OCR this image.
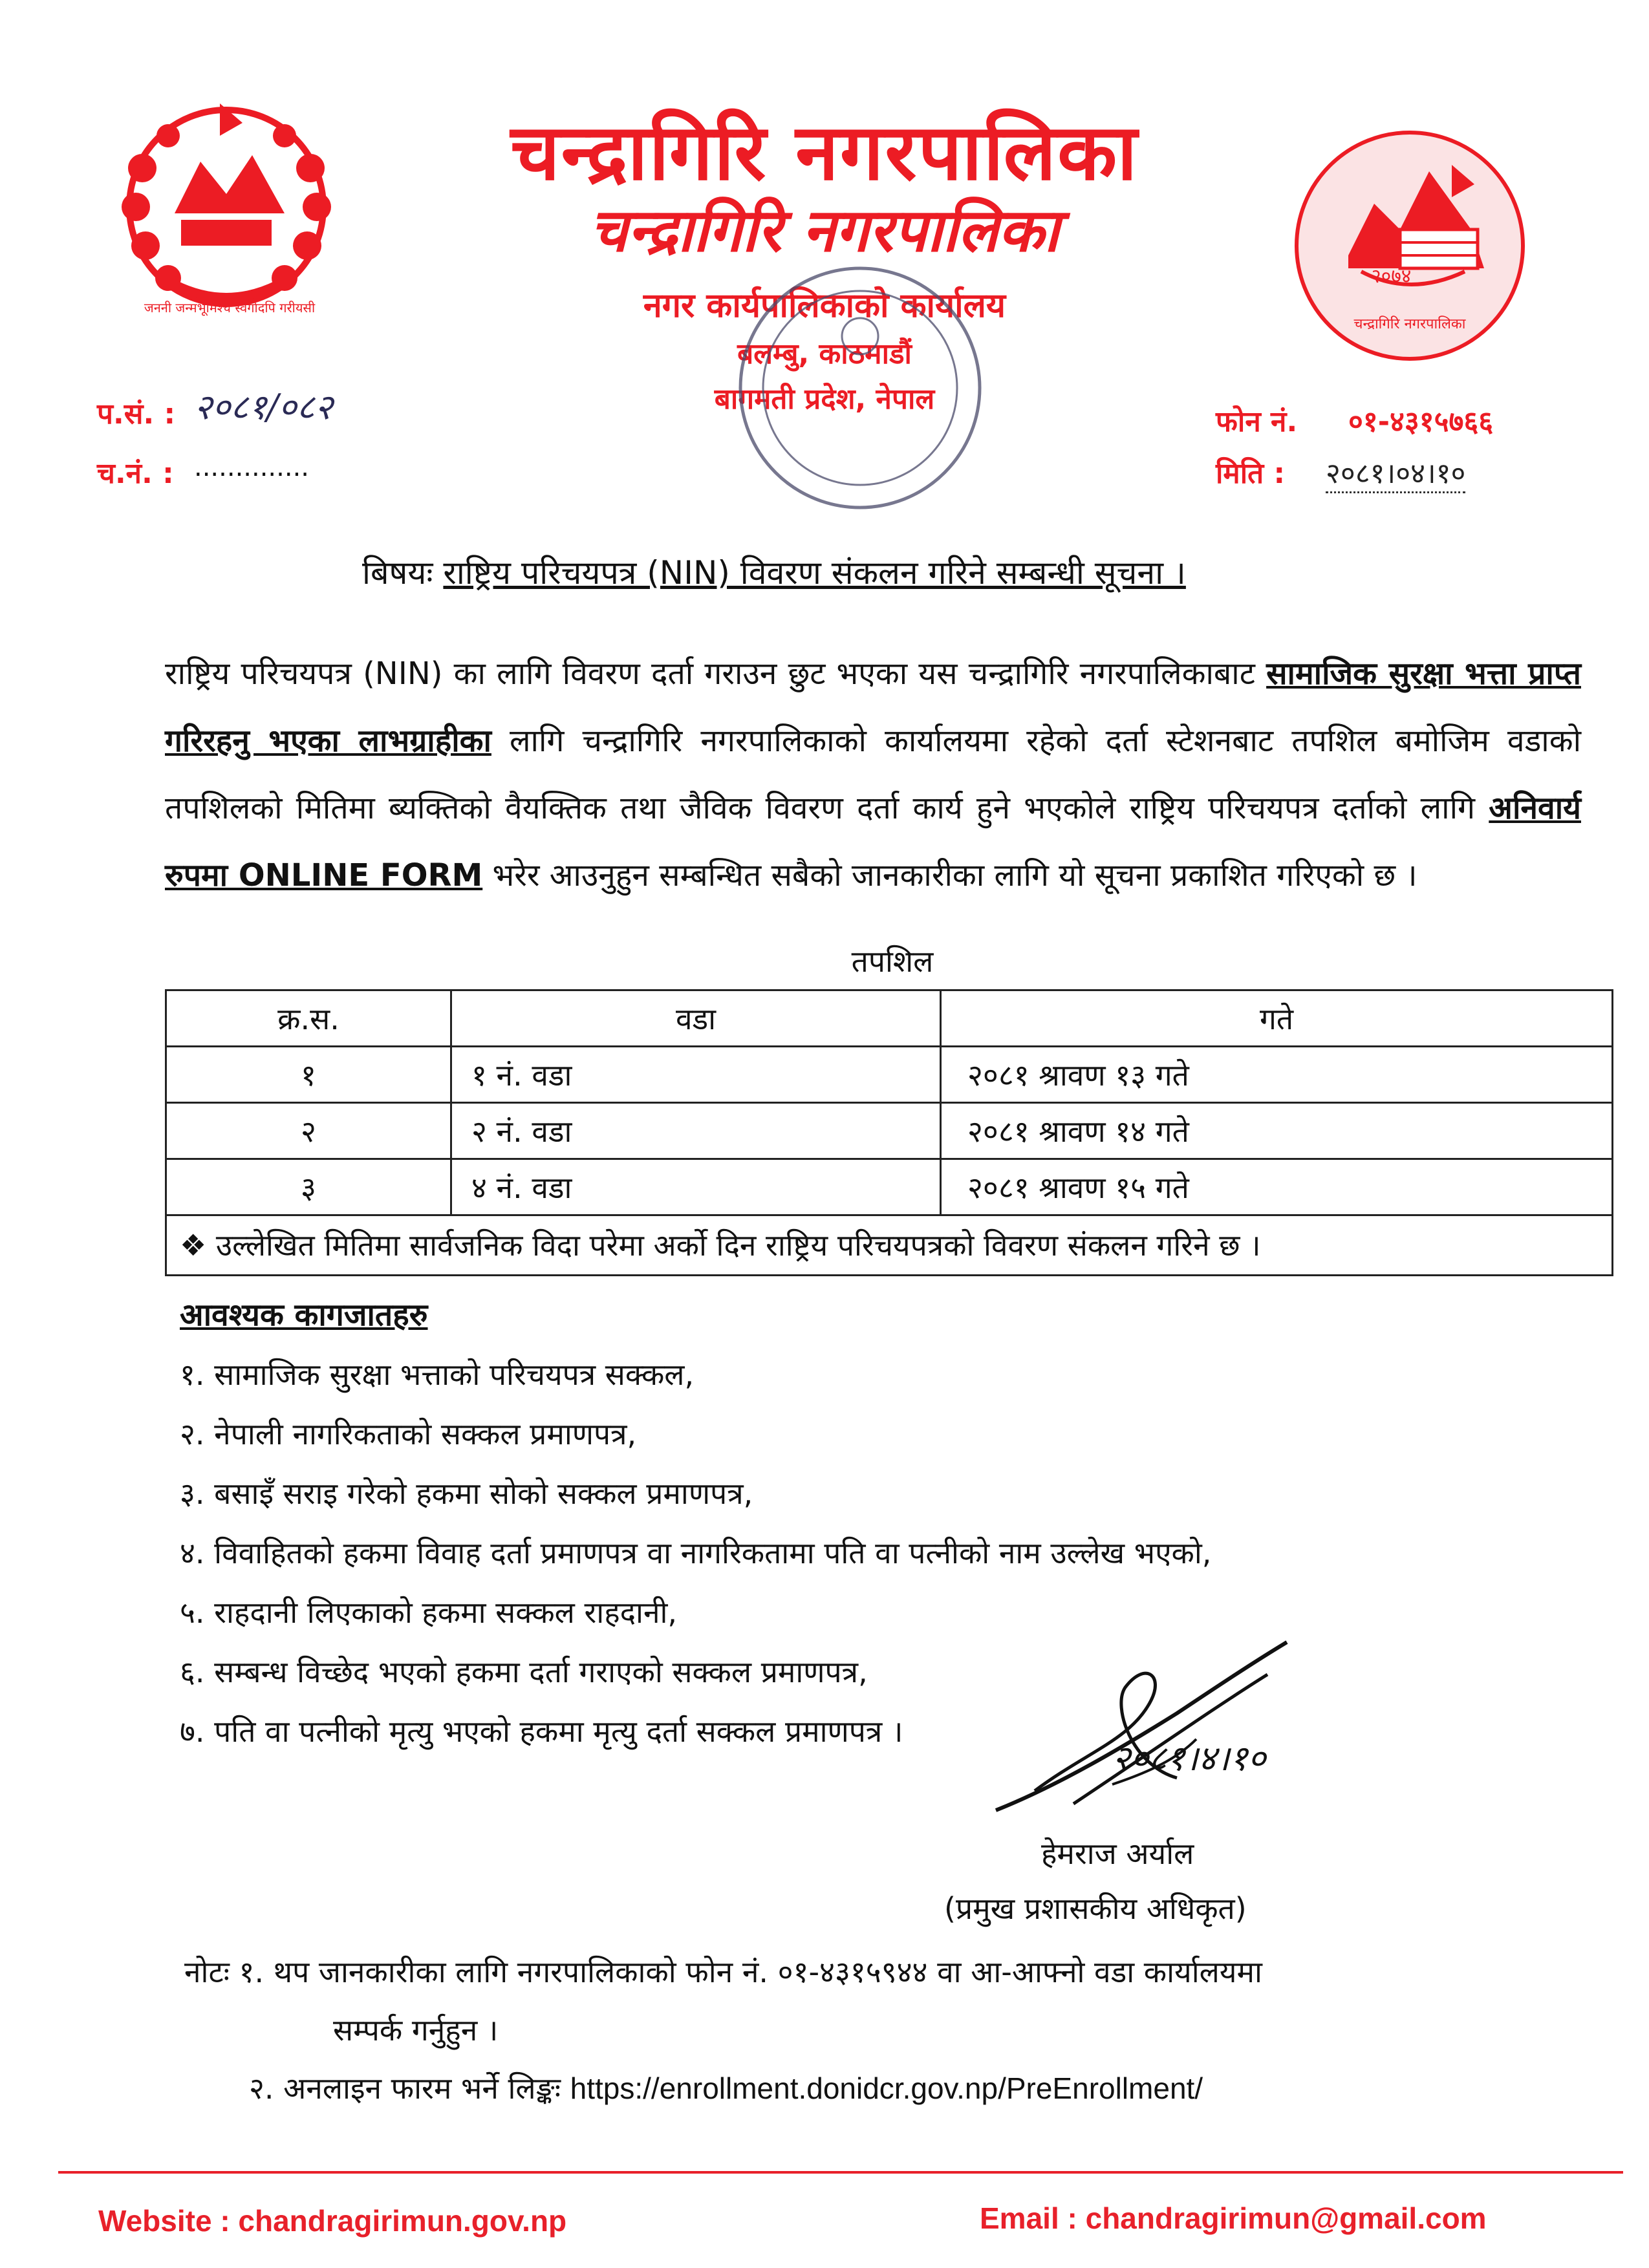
जननी जन्मभूमिश्च स्वर्गादपि गरीयसी
२०७४
चन्द्रागिरि नगरपालिका
चन्द्रागिरि नगरपालिका
चन्द्रागिरि नगरपालिका
नगर कार्यपालिकाको कार्यालय
बलम्बु, काठमाडौं
बागमती प्रदेश, नेपाल
प.सं. : २०८१/०८२
च.नं. : ..............
फोन नं. ०१-४३१५७६६
मिति : २०८१।०४।१०
बिषयः राष्ट्रिय परिचयपत्र (NIN) विवरण संकलन गरिने सम्बन्धी सूचना ।
राष्ट्रिय परिचयपत्र (NIN) का लागि विवरण दर्ता गराउन छुट भएका यस चन्द्रागिरि नगरपालिकाबाट सामाजिक सुरक्षा भत्ता प्राप्त गरिरहनु भएका लाभग्राहीका लागि चन्द्रागिरि नगरपालिकाको कार्यालयमा रहेको दर्ता स्टेशनबाट तपशिल बमोजिम वडाको तपशिलको मितिमा ब्यक्तिको वैयक्तिक तथा जैविक विवरण दर्ता कार्य हुने भएकोले राष्ट्रिय परिचयपत्र दर्ताको लागि अनिवार्य रुपमा ONLINE FORM भरेर आउनुहुन सम्बन्धित सबैको जानकारीका लागि यो सूचना प्रकाशित गरिएको छ ।
तपशिल
क्र.स.	वडा	गते
१	१ नं. वडा	२०८१ श्रावण १३ गते
२	२ नं. वडा	२०८१ श्रावण १४ गते
३	४ नं. वडा	२०८१ श्रावण १५ गते
❖ उल्लेखित मितिमा सार्वजनिक विदा परेमा अर्को दिन राष्ट्रिय परिचयपत्रको विवरण संकलन गरिने छ ।		
आवश्यक कागजातहरु
१. सामाजिक सुरक्षा भत्ताको परिचयपत्र सक्कल,
२. नेपाली नागरिकताको सक्कल प्रमाणपत्र,
३. बसाइँ सराइ गरेको हकमा सोको सक्कल प्रमाणपत्र,
४. विवाहितको हकमा विवाह दर्ता प्रमाणपत्र वा नागरिकतामा पति वा पत्नीको नाम उल्लेख भएको,
५. राहदानी लिएकाको हकमा सक्कल राहदानी,
६. सम्बन्ध विच्छेद भएको हकमा दर्ता गराएको सक्कल प्रमाणपत्र,
७. पति वा पत्नीको मृत्यु भएको हकमा मृत्यु दर्ता सक्कल प्रमाणपत्र ।
२०८१।४।१०
हेमराज अर्याल
(प्रमुख प्रशासकीय अधिकृत)
नोटः १. थप जानकारीका लागि नगरपालिकाको फोन नं. ०१-४३१५९४४ वा आ-आफ्नो वडा कार्यालयमा
सम्पर्क गर्नुहुन ।
२. अनलाइन फारम भर्ने लिङ्कः https://enrollment.donidcr.gov.np/PreEnrollment/
Website : chandragirimun.gov.np	Email : chandragirimun@gmail.com
